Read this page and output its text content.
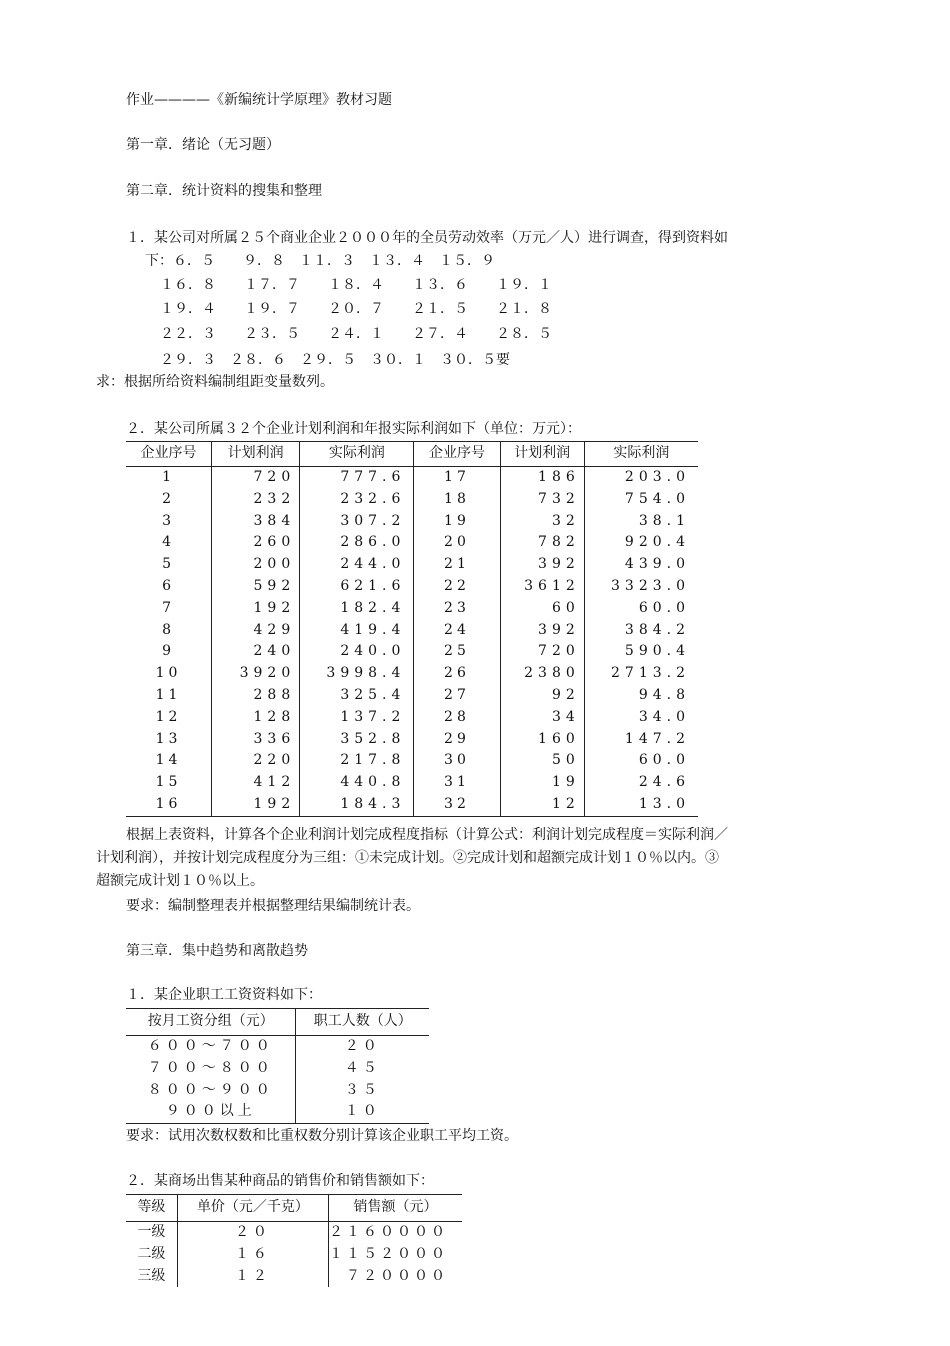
作业————《新编统计学原理》教材习题
第一章．绪论（无习题）
第二章．统计资料的搜集和整理
１．某公司对所属２５个商业企业２０００年的全员劳动效率（万元／人）进行调查，得到资料如
下：６．５　　９．８　１１．３　１３．４　１５．９
１６．８　　１７．７　　１８．４　　１３．６　　１９．１
１９．４　　１９．７　　２０．７　　２１．５　　２１．８
２２．３　　２３．５　　２４．１　　２７．４　　２８．５
２９．３　２８．６　２９．５　３０．１　３０．５要
求：根据所给资料编制组距变量数列。
２．某公司所属３２个企业计划利润和年报实际利润如下（单位：万元）：
企业序号	计划利润	实际利润	企业序号	计划利润	实际利润
1	720	777.6	17	186	203.0
2	232	232.6	18	732	754.0
3	384	307.2	19	32	38.1
4	260	286.0	20	782	920.4
5	200	244.0	21	392	439.0
6	592	621.6	22	3612	3323.0
7	192	182.4	23	60	60.0
8	429	419.4	24	392	384.2
9	240	240.0	25	720	590.4
10	3920	3998.4	26	2380	2713.2
11	288	325.4	27	92	94.8
12	128	137.2	28	34	34.0
13	336	352.8	29	160	147.2
14	220	217.8	30	50	60.0
15	412	440.8	31	19	24.6
16	192	184.3	32	12	13.0
根据上表资料，计算各个企业利润计划完成程度指标（计算公式：利润计划完成程度＝实际利润／
计划利润），并按计划完成程度分为三组：①未完成计划。②完成计划和超额完成计划１０％以内。③
超额完成计划１０％以上。
要求：编制整理表并根据整理结果编制统计表。
第三章．集中趋势和离散趋势
１．某企业职工工资资料如下：
按月工资分组（元）	职工人数（人）
６００～７００	２０
７００～８００	４５
８００～９００	３５
９００以上	１０
要求：试用次数权数和比重权数分别计算该企业职工平均工资。
２．某商场出售某种商品的销售价和销售额如下：
等级	单价（元／千克）	销售额（元）
一级	２０	２１６００００
二级	１６	１１５２０００
三级	１２	７２００００
